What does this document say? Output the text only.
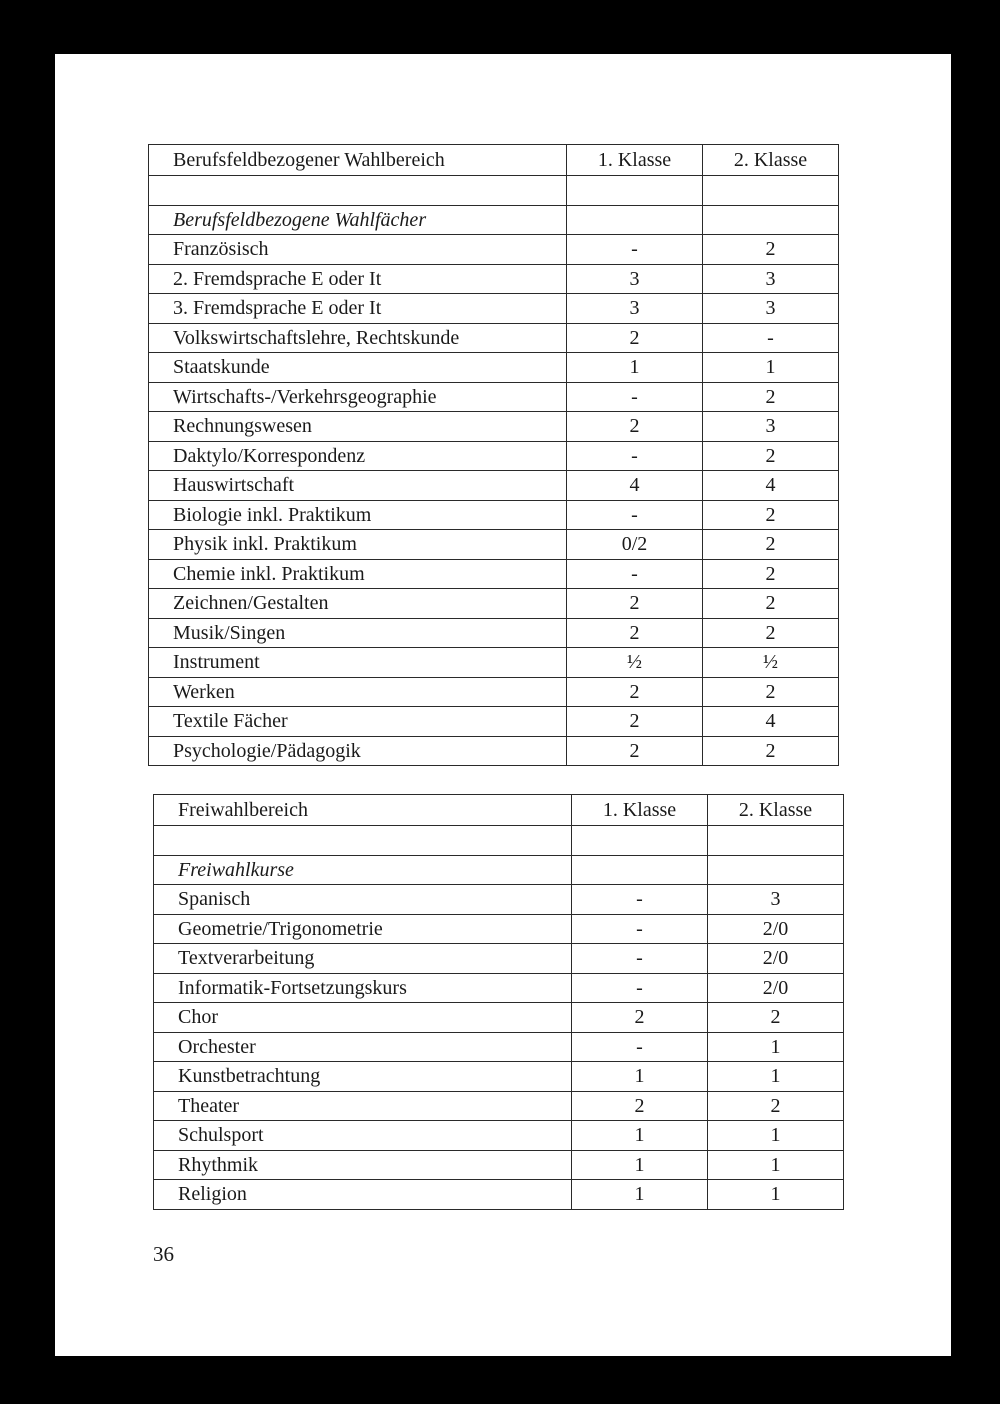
Berufsfeldbezogener Wahlbereich	1. Klasse	2. Klasse

Berufsfeldbezogene Wahlfächer		
Französisch	-	2
2. Fremdsprache E oder It	3	3
3. Fremdsprache E oder It	3	3
Volkswirtschaftslehre, Rechtskunde	2	-
Staatskunde	1	1
Wirtschafts-/Verkehrsgeographie	-	2
Rechnungswesen	2	3
Daktylo/Korrespondenz	-	2
Hauswirtschaft	4	4
Biologie inkl. Praktikum	-	2
Physik inkl. Praktikum	0/2	2
Chemie inkl. Praktikum	-	2
Zeichnen/Gestalten	2	2
Musik/Singen	2	2
Instrument	½	½
Werken	2	2
Textile Fächer	2	4
Psychologie/Pädagogik	2	2
Freiwahlbereich	1. Klasse	2. Klasse

Freiwahlkurse		
Spanisch	-	3
Geometrie/Trigonometrie	-	2/0
Textverarbeitung	-	2/0
Informatik-Fortsetzungskurs	-	2/0
Chor	2	2
Orchester	-	1
Kunstbetrachtung	1	1
Theater	2	2
Schulsport	1	1
Rhythmik	1	1
Religion	1	1
36
